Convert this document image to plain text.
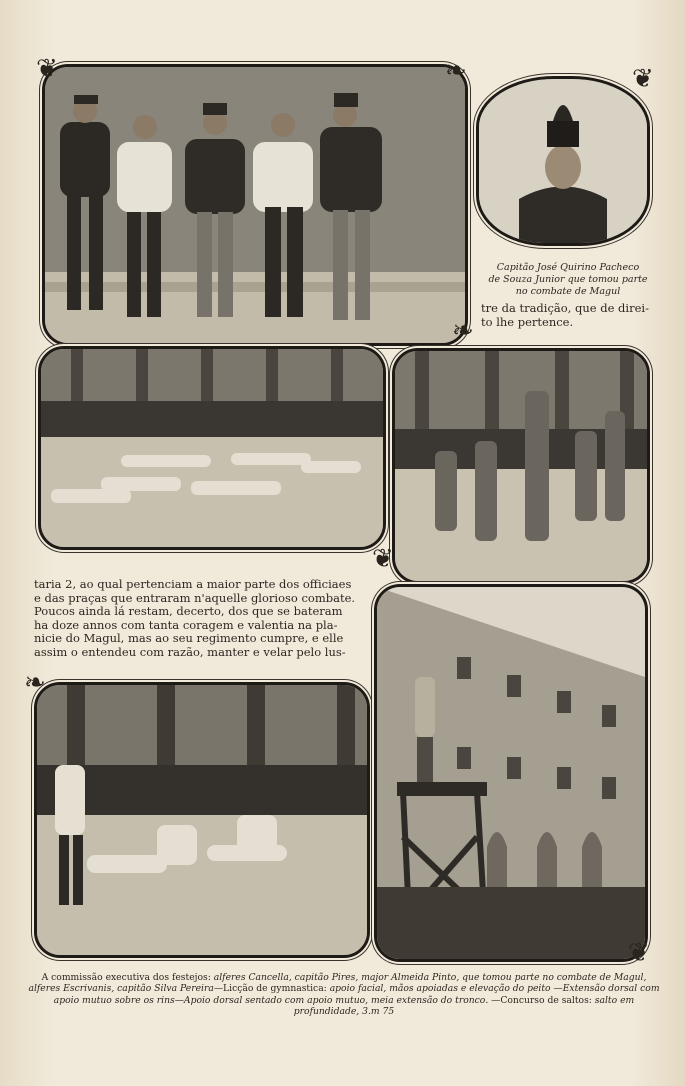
Capitão José Quirino Pacheco
de Souza Junior que tomou parte
no combate de Magul

tre da tradição, que de direi-

to lhe pertence.

taria 2, ao qual pertenciam a maior parte dos officiaes

e das praças que entraram n'aquelle glorioso combate.

Poucos ainda lá restam, decerto, dos que se bateram

ha doze annos com tanta coragem e valentia na pla-

nicie do Magul, mas ao seu regimento cumpre, e elle

assim o entendeu com razão, manter e velar pelo lus-

❦	❧	❦
❧
❦
❧
❦
A commissão executiva dos festejos: alferes Cancella, capitão Pires, major Almeida Pinto, que tomou parte no combate de Magul, alferes Escrivanis, capitão Silva Pereira—Licção de gymnastica: apoio facial, mãos apoiadas e elevação do peito —Extensão dorsal com apoio mutuo sobre os rins—Apoio dorsal sentado com apoio mutuo, meia extensão do tronco. —Concurso de saltos: salto em profundidade, 3.m 75
